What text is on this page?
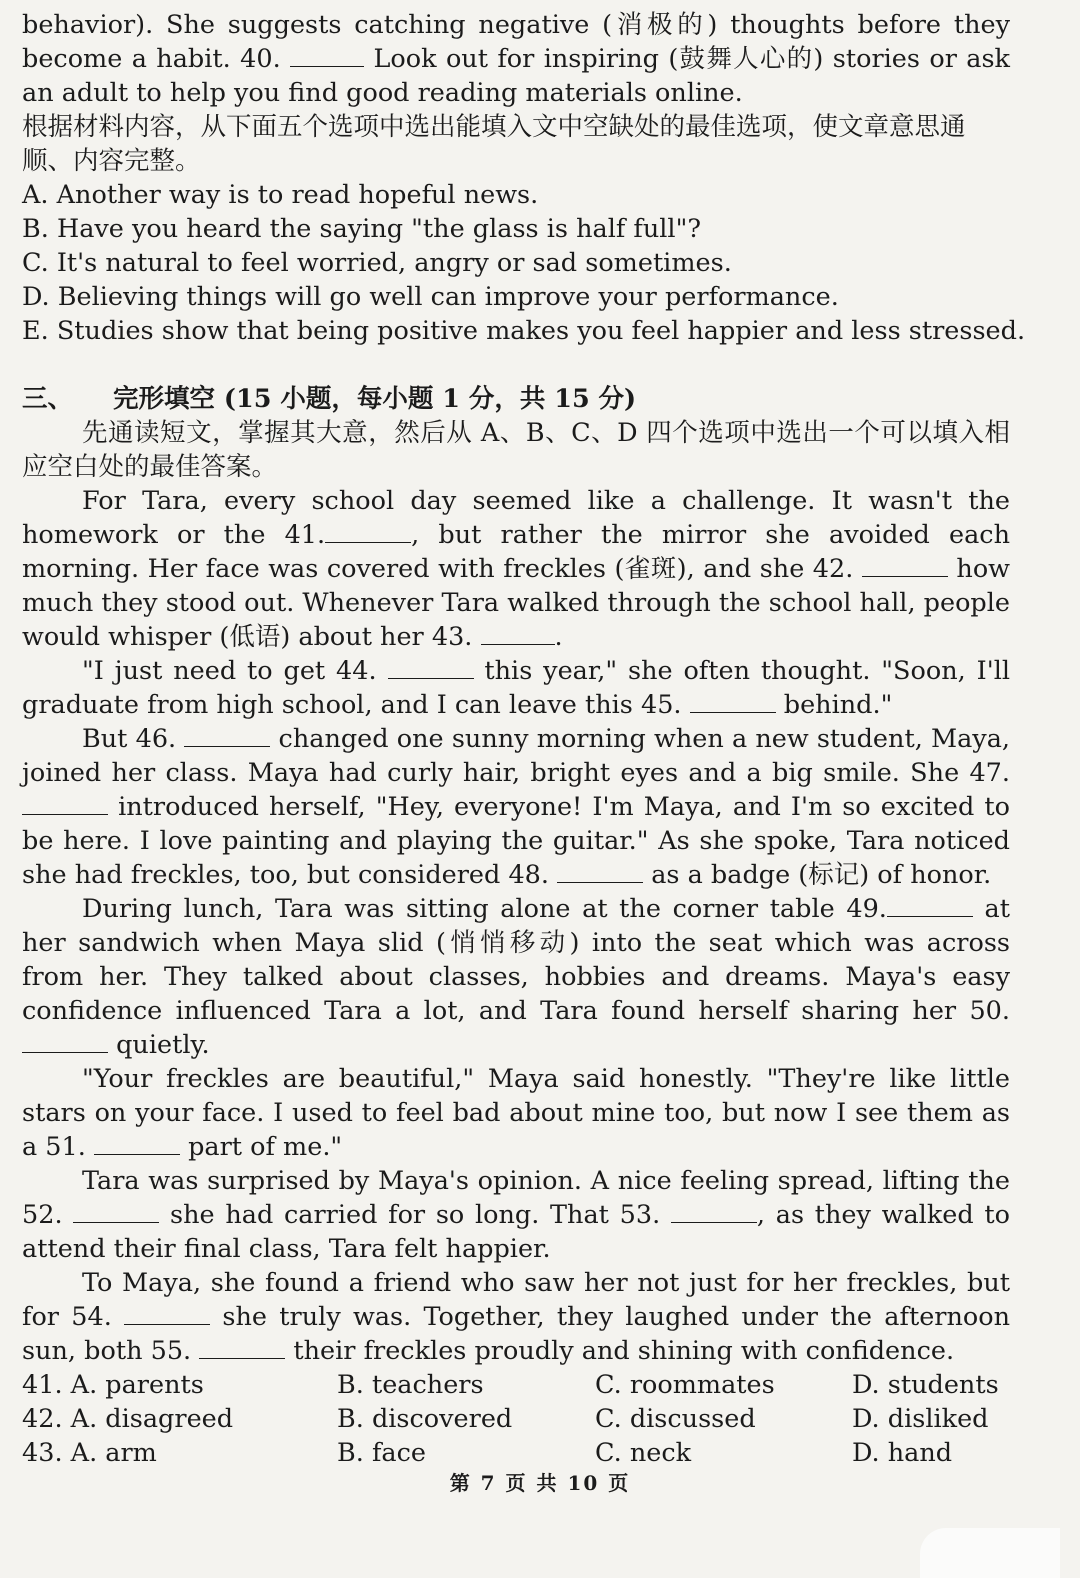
behavior). She suggests catching negative (消极的) thoughts before they become a habit. 40.	Look out for inspiring (鼓舞人心的) stories or ask an adult to help you find good reading materials online.

根据材料内容，从下面五个选项中选出能填入文中空缺处的最佳选项，使文章意思通顺、内容完整。

A. Another way is to read hopeful news.

B. Have you heard the saying "the glass is half full"?

C. It's natural to feel worried, angry or sad sometimes.

D. Believing things will go well can improve your performance.

E. Studies show that being positive makes you feel happier and less stressed.

三、 完形填空 (15 小题，每小题 1 分，共 15 分)

先通读短文，掌握其大意，然后从 A、B、C、D 四个选项中选出一个可以填入相应空白处的最佳答案。

For Tara, every school day seemed like a challenge. It wasn't the homework or the 41.	, but rather the mirror she avoided each morning. Her face was covered with freckles (雀斑), and she 42.	how much they stood out. Whenever Tara walked through the school hall, people would whisper (低语) about her 43.	.

"I just need to get 44.	this year," she often thought. "Soon, I'll graduate from high school, and I can leave this 45.	behind."

But 46.	changed one sunny morning when a new student, Maya, joined her class. Maya had curly hair, bright eyes and a big smile. She 47.  introduced herself, "Hey, everyone! I'm Maya, and I'm so excited to be here. I love painting and playing the guitar." As she spoke, Tara noticed she had freckles, too, but considered 48.	as a badge (标记) of honor.

During lunch, Tara was sitting alone at the corner table 49.	at her sandwich when Maya slid (悄悄移动) into the seat which was across from her. They talked about classes, hobbies and dreams. Maya's easy confidence influenced Tara a lot, and Tara found herself sharing her 50.  quietly.

"Your freckles are beautiful," Maya said honestly. "They're like little stars on your face. I used to feel bad about mine too, but now I see them as a 51.	part of me."

Tara was surprised by Maya's opinion. A nice feeling spread, lifting the 52.	she had carried for so long. That 53.	, as they walked to attend their final class, Tara felt happier.

To Maya, she found a friend who saw her not just for her freckles, but for 54.	she truly was. Together, they laughed under the afternoon sun, both 55.	their freckles proudly and shining with confidence.

41. A. parents	B. teachers	C. roommates	D. students
42. A. disagreed	B. discovered	C. discussed	D. disliked
43. A. arm	B. face	C. neck	D. hand
第 7 页 共 10 页
